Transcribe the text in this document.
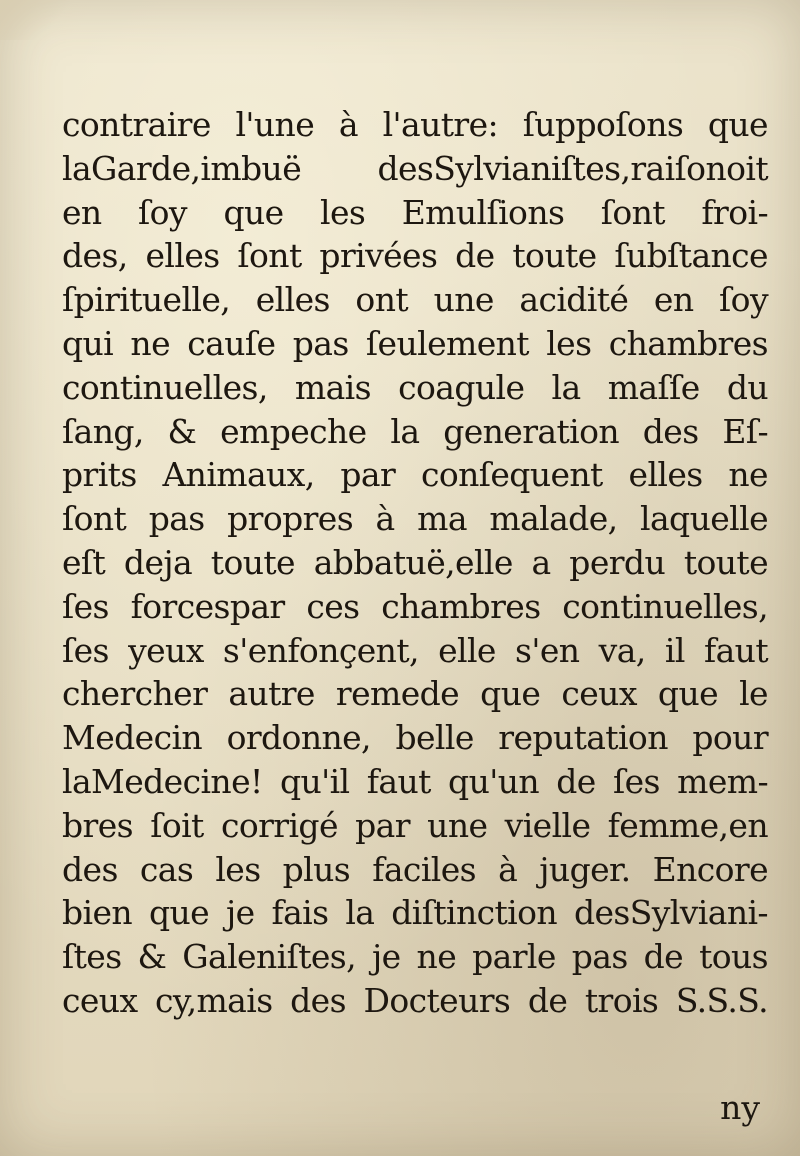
contraire l'une à l'autre: ſuppoſons que
laGarde,imbuë desSylvianiſtes,raiſonoit
en ſoy que les Emulſions ſont froi-
des, elles ſont privées de toute ſubſtance
ſpirituelle, elles ont une acidité en ſoy
qui ne cauſe pas ſeulement les chambres
continuelles, mais coagule la maſſe du
ſang, & empeche la generation des Eſ-
prits Animaux, par conſequent elles ne
ſont pas propres à ma malade, laquelle
eſt deja toute abbatuë,elle a perdu toute
ſes forcespar ces chambres continuelles,
ſes yeux s'enfonçent, elle s'en va, il faut
chercher autre remede que ceux que le
Medecin ordonne, belle reputation pour
laMedecine! qu'il faut qu'un de ſes mem-
bres ſoit corrigé par une vielle femme,en
des cas les plus faciles à juger. Encore
bien que je fais la diſtinction desSylviani-
ſtes & Galeniſtes, je ne parle pas de tous
ceux cy,mais des Docteurs de trois S.S.S.
ny
